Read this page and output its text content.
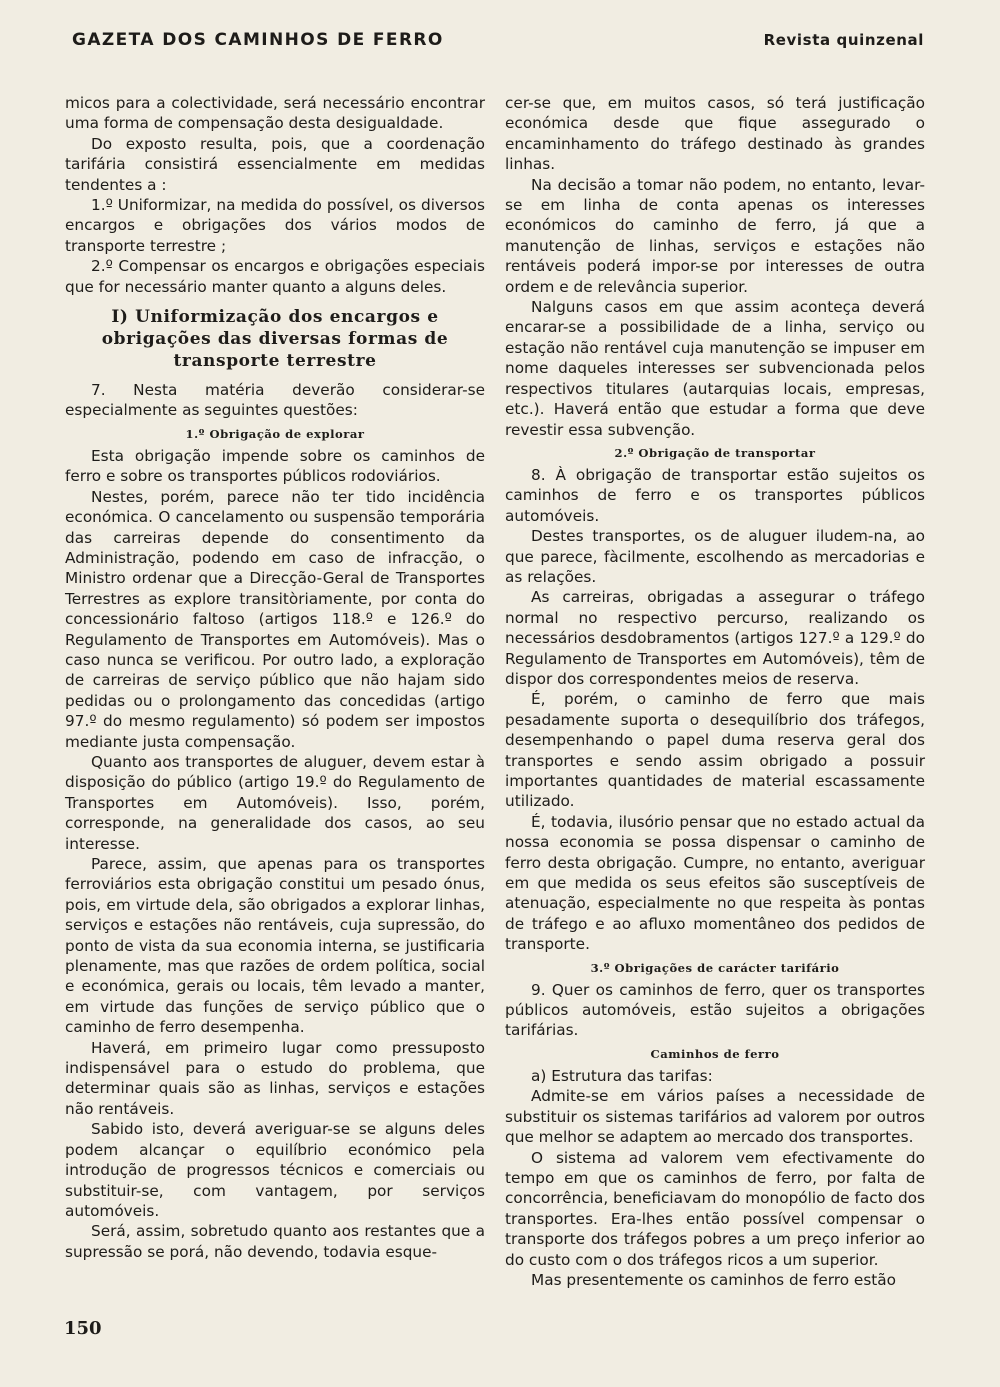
GAZETA DOS CAMINHOS DE FERRO	Revista quinzenal

micos para a colectividade, será necessário encontrar uma forma de compensação desta desigualdade.

Do exposto resulta, pois, que a coordenação tarifária consistirá essencialmente em medidas tendentes a :

1.º Uniformizar, na medida do possível, os diversos encargos e obrigações dos vários modos de transporte terrestre ;

2.º Compensar os encargos e obrigações especiais que for necessário manter quanto a alguns deles.

I) Uniformização dos encargos e obrigações das diversas formas de transporte terrestre

7. Nesta matéria deverão considerar-se especialmente as seguintes questões:

1.º Obrigação de explorar

Esta obrigação impende sobre os caminhos de ferro e sobre os transportes públicos rodoviários.

Nestes, porém, parece não ter tido incidência económica. O cancelamento ou suspensão temporária das carreiras depende do consentimento da Administração, podendo em caso de infracção, o Ministro ordenar que a Direcção-Geral de Transportes Terrestres as explore transitòriamente, por conta do concessionário faltoso (artigos 118.º e 126.º do Regulamento de Transportes em Automóveis). Mas o caso nunca se verificou. Por outro lado, a exploração de carreiras de serviço público que não hajam sido pedidas ou o prolongamento das concedidas (artigo 97.º do mesmo regulamento) só podem ser impostos mediante justa compensação.

Quanto aos transportes de aluguer, devem estar à disposição do público (artigo 19.º do Regulamento de Transportes em Automóveis). Isso, porém, corresponde, na generalidade dos casos, ao seu interesse.

Parece, assim, que apenas para os transportes ferroviários esta obrigação constitui um pesado ónus, pois, em virtude dela, são obrigados a explorar linhas, serviços e estações não rentáveis, cuja supressão, do ponto de vista da sua economia interna, se justificaria plenamente, mas que razões de ordem política, social e económica, gerais ou locais, têm levado a manter, em virtude das funções de serviço público que o caminho de ferro desempenha.

Haverá, em primeiro lugar como pressuposto indispensável para o estudo do problema, que determinar quais são as linhas, serviços e estações não rentáveis.

Sabido isto, deverá averiguar-se se alguns deles podem alcançar o equilíbrio económico pela introdução de progressos técnicos e comerciais ou substituir-se, com vantagem, por serviços automóveis.

Será, assim, sobretudo quanto aos restantes que a supressão se porá, não devendo, todavia esque-

cer-se que, em muitos casos, só terá justificação económica desde que fique assegurado o encaminhamento do tráfego destinado às grandes linhas.

Na decisão a tomar não podem, no entanto, levar-se em linha de conta apenas os interesses económicos do caminho de ferro, já que a manutenção de linhas, serviços e estações não rentáveis poderá impor-se por interesses de outra ordem e de relevância superior.

Nalguns casos em que assim aconteça deverá encarar-se a possibilidade de a linha, serviço ou estação não rentável cuja manutenção se impuser em nome daqueles interesses ser subvencionada pelos respectivos titulares (autarquias locais, empresas, etc.). Haverá então que estudar a forma que deve revestir essa subvenção.

2.º Obrigação de transportar

8. À obrigação de transportar estão sujeitos os caminhos de ferro e os transportes públicos automóveis.

Destes transportes, os de aluguer iludem-na, ao que parece, fàcilmente, escolhendo as mercadorias e as relações.

As carreiras, obrigadas a assegurar o tráfego normal no respectivo percurso, realizando os necessários desdobramentos (artigos 127.º a 129.º do Regulamento de Transportes em Automóveis), têm de dispor dos correspondentes meios de reserva.

É, porém, o caminho de ferro que mais pesadamente suporta o desequilíbrio dos tráfegos, desempenhando o papel duma reserva geral dos transportes e sendo assim obrigado a possuir importantes quantidades de material escassamente utilizado.

É, todavia, ilusório pensar que no estado actual da nossa economia se possa dispensar o caminho de ferro desta obrigação. Cumpre, no entanto, averiguar em que medida os seus efeitos são susceptíveis de atenuação, especialmente no que respeita às pontas de tráfego e ao afluxo momentâneo dos pedidos de transporte.

3.º Obrigações de carácter tarifário

9. Quer os caminhos de ferro, quer os transportes públicos automóveis, estão sujeitos a obrigações tarifárias.

Caminhos de ferro

a) Estrutura das tarifas:

Admite-se em vários países a necessidade de substituir os sistemas tarifários ad valorem por outros que melhor se adaptem ao mercado dos transportes.

O sistema ad valorem vem efectivamente do tempo em que os caminhos de ferro, por falta de concorrência, beneficiavam do monopólio de facto dos transportes. Era-lhes então possível compensar o transporte dos tráfegos pobres a um preço inferior ao do custo com o dos tráfegos ricos a um superior.

Mas presentemente os caminhos de ferro estão

150
